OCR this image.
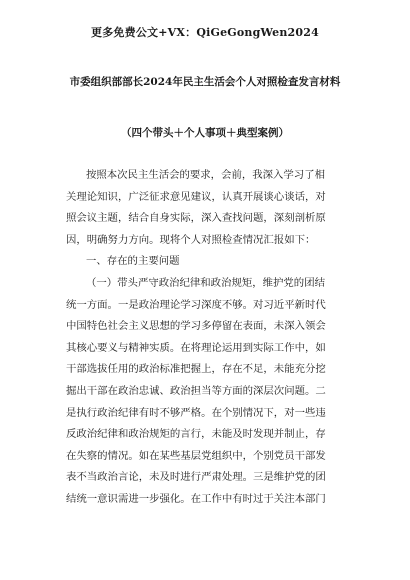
更多免费公文+VX：QiGeGongWen2024
市委组织部部长2024年民主生活会个人对照检查发言材料
（四个带头＋个人事项＋典型案例）
按照本次民主生活会的要求，会前，我深入学习了相
关理论知识，广泛征求意见建议，认真开展谈心谈话，对
照会议主题，结合自身实际，深入查找问题，深刻剖析原
因，明确努力方向。现将个人对照检查情况汇报如下：
一、存在的主要问题
（一）带头严守政治纪律和政治规矩，维护党的团结
统一方面。一是政治理论学习深度不够。对习近平新时代
中国特色社会主义思想的学习多停留在表面，未深入领会
其核心要义与精神实质。在将理论运用到实际工作中，如
干部选拔任用的政治标准把握上，存在不足，未能充分挖
掘出干部在政治忠诚、政治担当等方面的深层次问题。二
是执行政治纪律有时不够严格。在个别情况下，对一些违
反政治纪律和政治规矩的言行，未能及时发现并制止，存
在失察的情况。如在某些基层党组织中，个别党员干部发
表不当政治言论，未及时进行严肃处理。三是维护党的团
结统一意识需进一步强化。在工作中有时过于关注本部门
